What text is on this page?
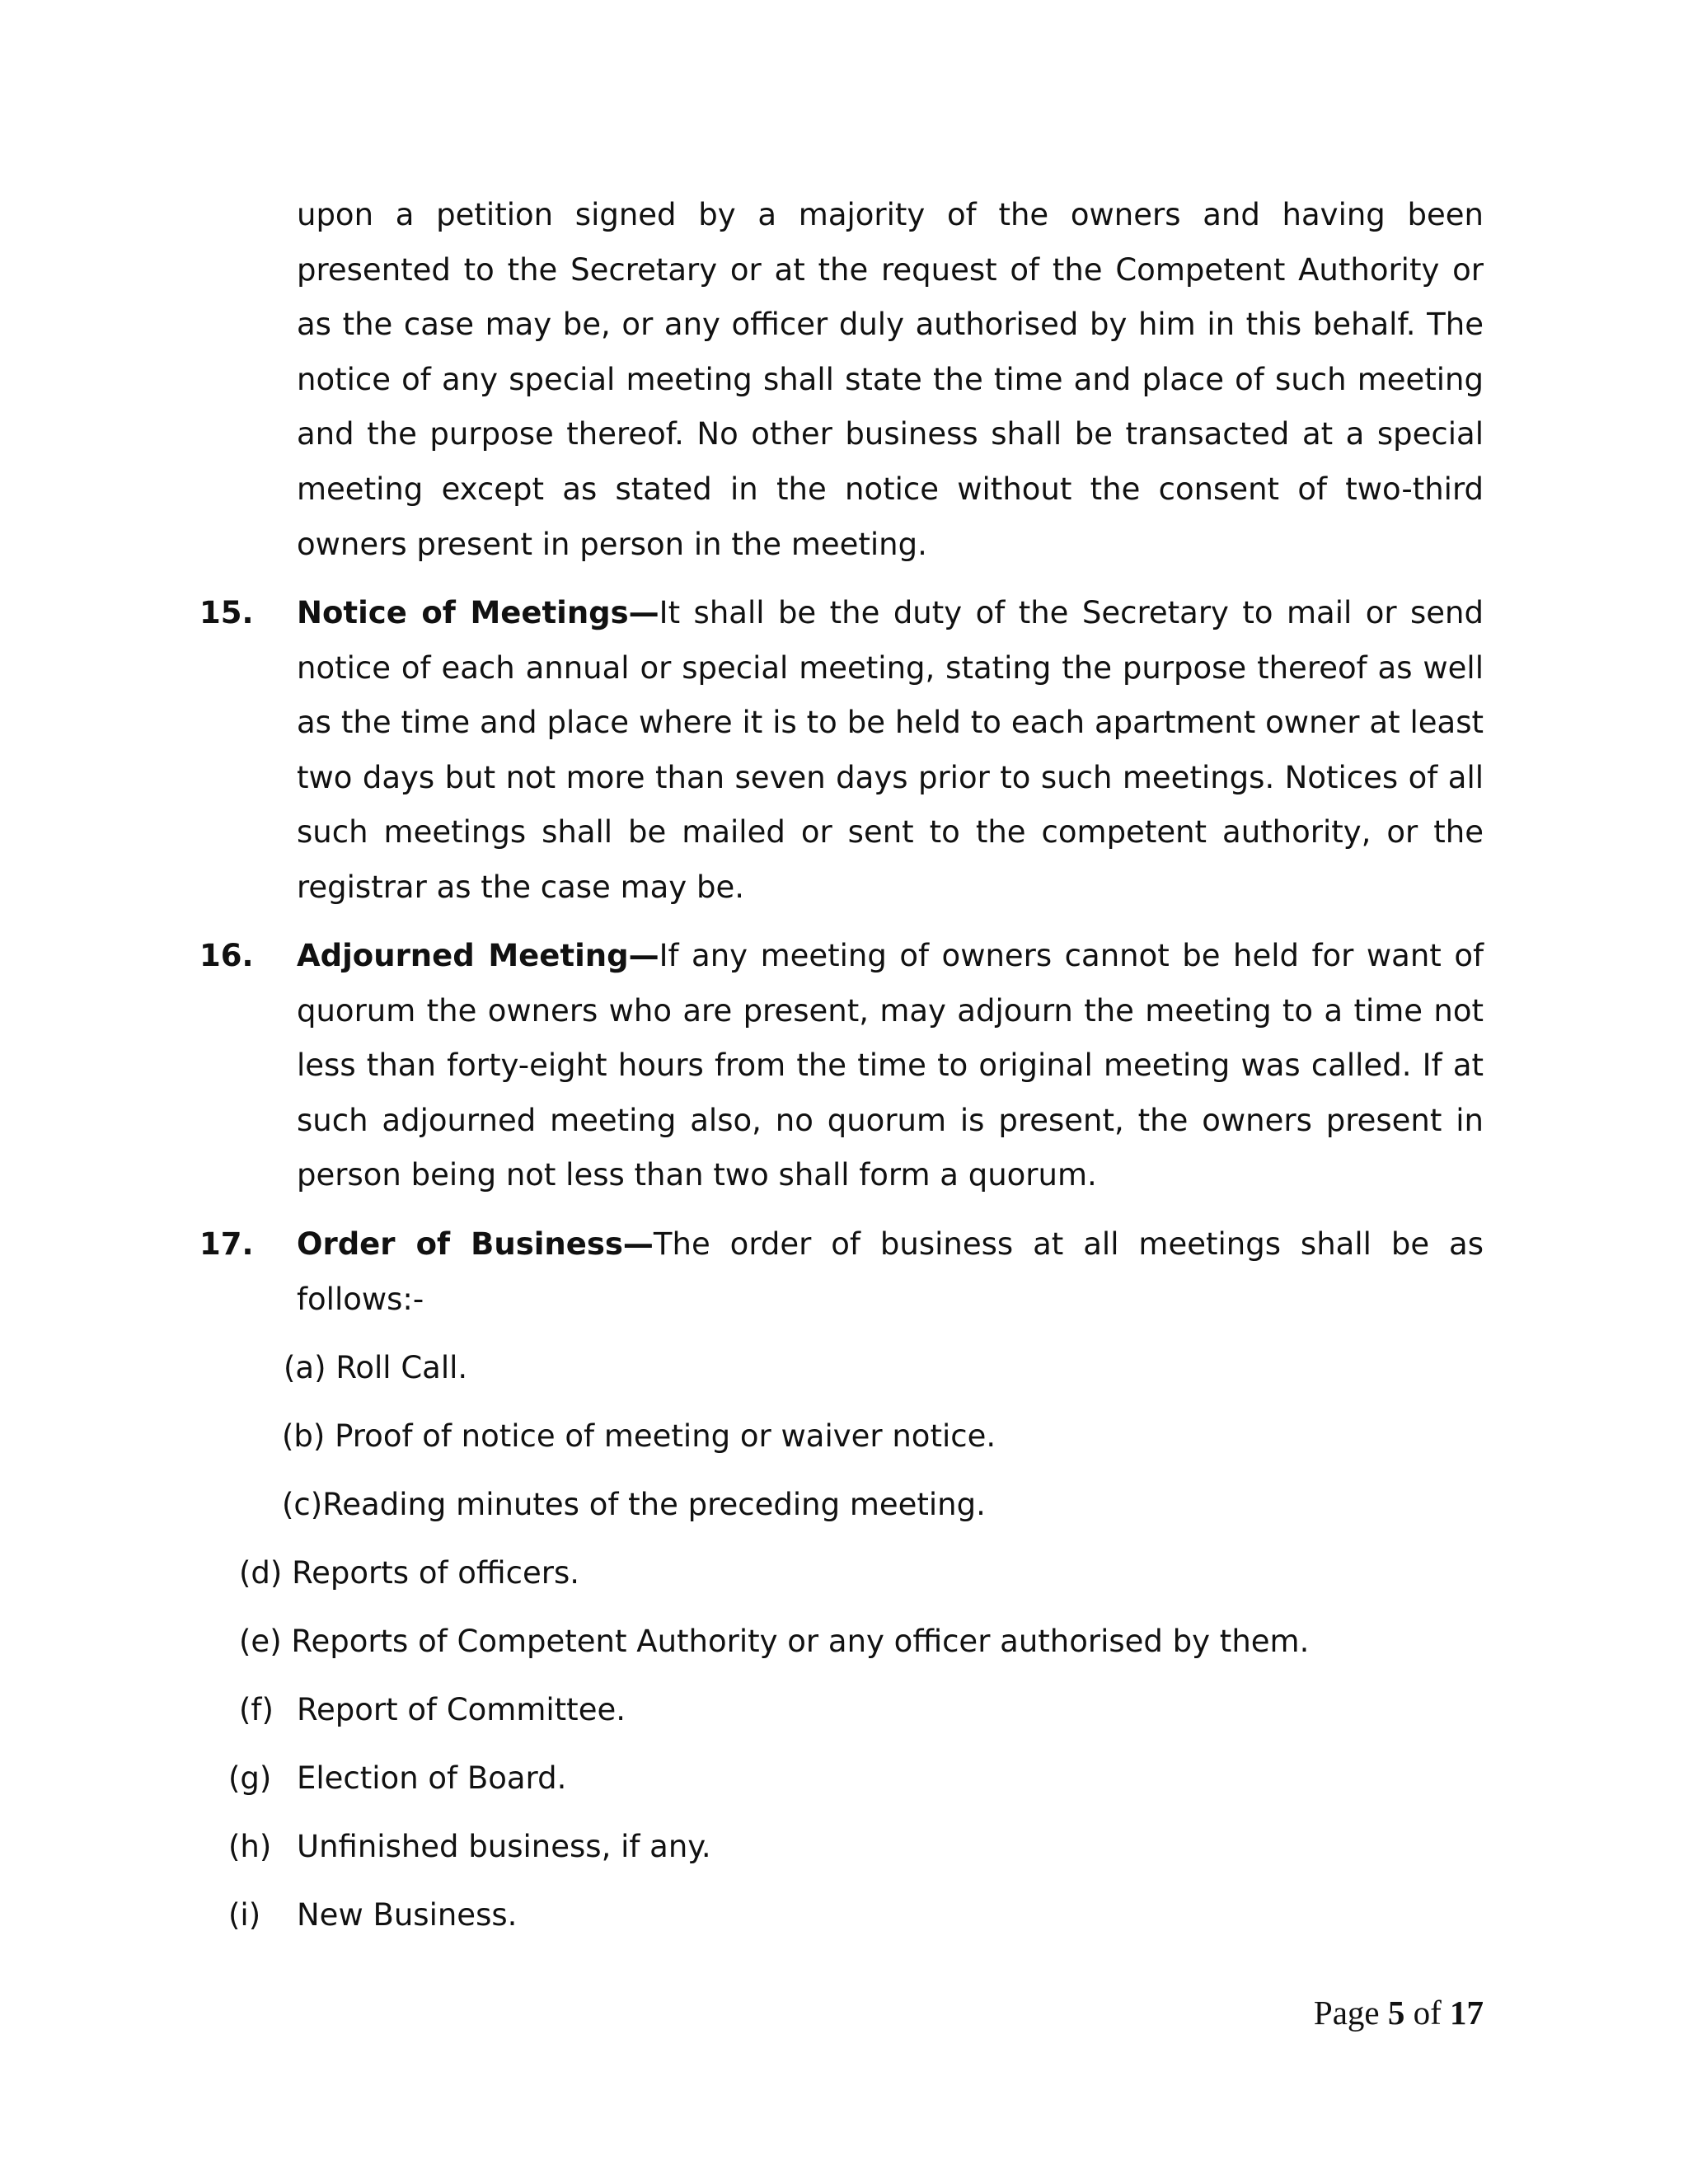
upon a petition signed by a majority of the owners and having been presented to the Secretary or at the request of the Competent Authority or as the case may be, or any officer duly authorised by him in this behalf. The notice of any special meeting shall state the time and place of such meeting and the purpose thereof. No other business shall be transacted at a special meeting except as stated in the notice without the consent of two-third owners present in person in the meeting.

15. Notice of Meetings—It shall be the duty of the Secretary to mail or send notice of each annual or special meeting, stating the purpose thereof as well as the time and place where it is to be held to each apartment owner at least two days but not more than seven days prior to such meetings. Notices of all such meetings shall be mailed or sent to the competent authority, or the registrar as the case may be.

16. Adjourned Meeting—If any meeting of owners cannot be held for want of quorum the owners who are present, may adjourn the meeting to a time not less than forty-eight hours from the time to original meeting was called. If at such adjourned meeting also, no quorum is present, the owners present in person being not less than two shall form a quorum.

17. Order of Business—The order of business at all meetings shall be as follows:-

(a) Roll Call.
(b) Proof of notice of meeting or waiver notice.
(c)Reading minutes of the preceding meeting.
(d) Reports of officers.
(e) Reports of Competent Authority or any officer authorised by them.
(f) Report of Committee.
(g) Election of Board.
(h) Unfinished business, if any.
(i) New Business.
Page 5 of 17
